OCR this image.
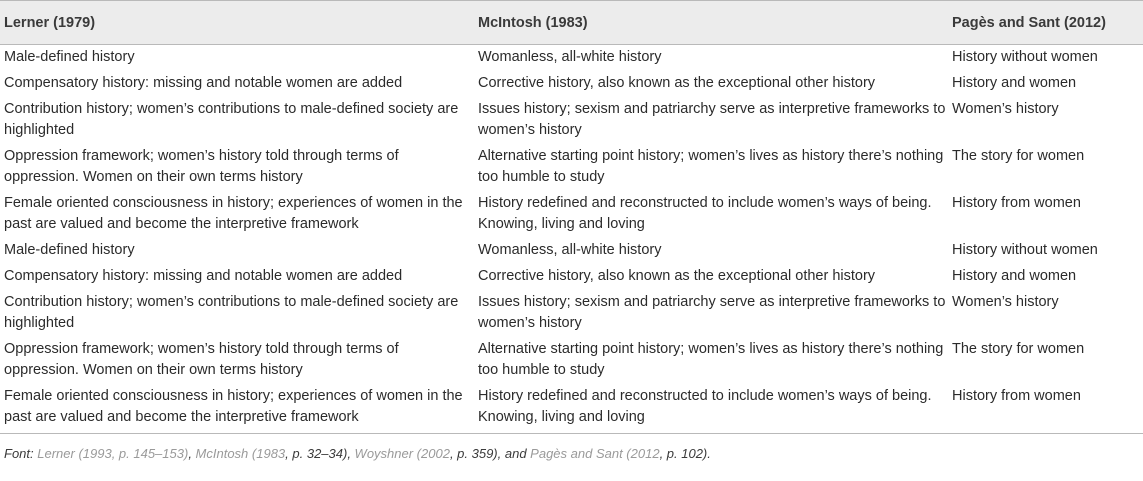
Lerner (1979)	McIntosh (1983)	Pagès and Sant (2012)
Male-defined history	Womanless, all-white history	History without women
Compensatory history: missing and notable women are added	Corrective history, also known as the exceptional other history	History and women
Contribution history; women’s contributions to male-defined society are highlighted	Issues history; sexism and patriarchy serve as interpretive frameworks to women’s history	Women’s history
Oppression framework; women’s history told through terms of oppression. Women on their own terms history	Alternative starting point history; women’s lives as history there’s nothing too humble to study	The story for women
Female oriented consciousness in history; experiences of women in the past are valued and become the interpretive framework	History redefined and reconstructed to include women’s ways of being. Knowing, living and loving	History from women
Male-defined history	Womanless, all-white history	History without women
Compensatory history: missing and notable women are added	Corrective history, also known as the exceptional other history	History and women
Contribution history; women’s contributions to male-defined society are highlighted	Issues history; sexism and patriarchy serve as interpretive frameworks to women’s history	Women’s history
Oppression framework; women’s history told through terms of oppression. Women on their own terms history	Alternative starting point history; women’s lives as history there’s nothing too humble to study	The story for women
Female oriented consciousness in history; experiences of women in the past are valued and become the interpretive framework	History redefined and reconstructed to include women’s ways of being. Knowing, living and loving	History from women
Font: Lerner (1993, p. 145–153), McIntosh (1983, p. 32–34), Woyshner (2002, p. 359), and Pagès and Sant (2012, p. 102).
